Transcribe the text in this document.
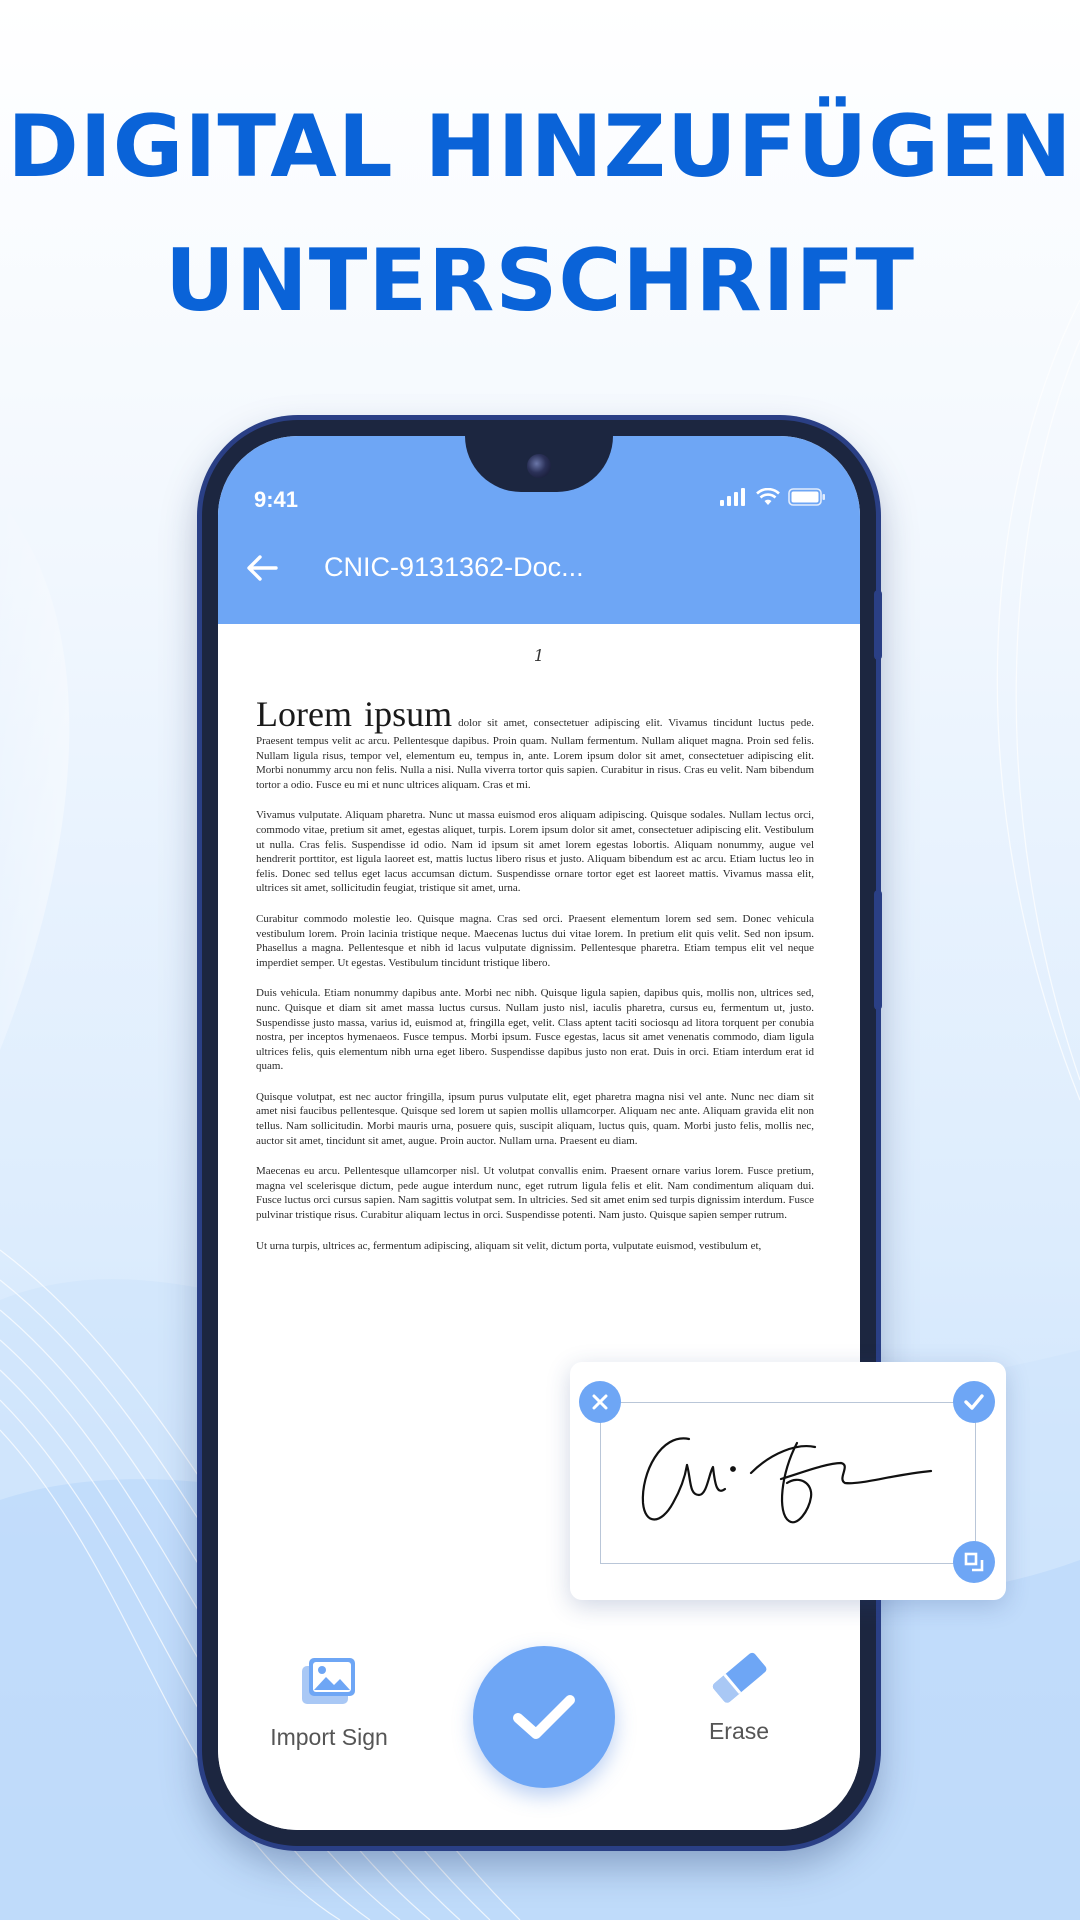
DIGITAL HINZUFÜGEN
UNTERSCHRIFT
9:41
CNIC-9131362-Doc...
1

Lorem ipsum dolor sit amet, consectetuer adipiscing elit. Vivamus tincidunt luctus pede. Praesent tempus velit ac arcu. Pellentesque dapibus. Proin quam. Nullam fermentum. Nullam aliquet magna. Proin sed felis. Nullam ligula risus, tempor vel, elementum eu, tempus in, ante. Lorem ipsum dolor sit amet, consectetuer adipiscing elit. Morbi nonummy arcu non felis. Nulla a nisi. Nulla viverra tortor quis sapien. Curabitur in risus. Cras eu velit. Nam bibendum tortor a odio. Fusce eu mi et nunc ultrices aliquam. Cras et mi.

Vivamus vulputate. Aliquam pharetra. Nunc ut massa euismod eros aliquam adipiscing. Quisque sodales. Nullam lectus orci, commodo vitae, pretium sit amet, egestas aliquet, turpis. Lorem ipsum dolor sit amet, consectetuer adipiscing elit. Vestibulum ut nulla. Cras felis. Suspendisse id odio. Nam id ipsum sit amet lorem egestas lobortis. Aliquam nonummy, augue vel hendrerit porttitor, est ligula laoreet est, mattis luctus libero risus et justo. Aliquam bibendum est ac arcu. Etiam luctus leo in felis. Donec sed tellus eget lacus accumsan dictum. Suspendisse ornare tortor eget est laoreet mattis. Vivamus massa elit, ultrices sit amet, sollicitudin feugiat, tristique sit amet, urna.

Curabitur commodo molestie leo. Quisque magna. Cras sed orci. Praesent elementum lorem sed sem. Donec vehicula vestibulum lorem. Proin lacinia tristique neque. Maecenas luctus dui vitae lorem. In pretium elit quis velit. Sed non ipsum. Phasellus a magna. Pellentesque et nibh id lacus vulputate dignissim. Pellentesque pharetra. Etiam tempus elit vel neque imperdiet semper. Ut egestas. Vestibulum tincidunt tristique libero.

Duis vehicula. Etiam nonummy dapibus ante. Morbi nec nibh. Quisque ligula sapien, dapibus quis, mollis non, ultrices sed, nunc. Quisque et diam sit amet massa luctus cursus. Nullam justo nisl, iaculis pharetra, cursus eu, fermentum ut, justo. Suspendisse justo massa, varius id, euismod at, fringilla eget, velit. Class aptent taciti sociosqu ad litora torquent per conubia nostra, per inceptos hymenaeos. Fusce tempus. Morbi ipsum. Fusce egestas, lacus sit amet venenatis commodo, diam ligula ultrices felis, quis elementum nibh urna eget libero. Suspendisse dapibus justo non erat. Duis in orci. Etiam interdum erat id quam.

Quisque volutpat, est nec auctor fringilla, ipsum purus vulputate elit, eget pharetra magna nisi vel ante. Nunc nec diam sit amet nisi faucibus pellentesque. Quisque sed lorem ut sapien mollis ullamcorper. Aliquam nec ante. Aliquam gravida elit non tellus. Nam sollicitudin. Morbi mauris urna, posuere quis, suscipit aliquam, luctus quis, quam. Morbi justo felis, mollis nec, auctor sit amet, tincidunt sit amet, augue. Proin auctor. Nullam urna. Praesent eu diam.

Maecenas eu arcu. Pellentesque ullamcorper nisl. Ut volutpat convallis enim. Praesent ornare varius lorem. Fusce pretium, magna vel scelerisque dictum, pede augue interdum nunc, eget rutrum ligula felis et elit. Nam condimentum aliquam dui. Fusce luctus orci cursus sapien. Nam sagittis volutpat sem. In ultricies. Sed sit amet enim sed turpis dignissim interdum. Fusce pulvinar tristique risus. Curabitur aliquam lectus in orci. Suspendisse potenti. Nam justo. Quisque sapien semper rutrum.

Ut urna turpis, ultrices ac, fermentum adipiscing, aliquam sit velit, dictum porta, vulputate euismod, vestibulum et,

Import Sign	Erase
